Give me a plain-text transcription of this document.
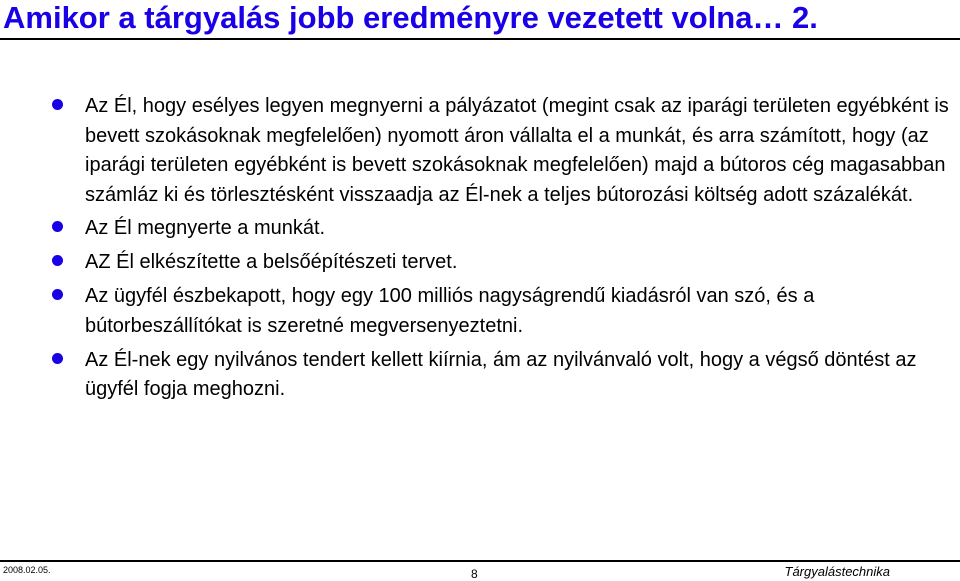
Amikor a tárgyalás jobb eredményre vezetett volna… 2.
Az Él, hogy esélyes legyen megnyerni a pályázatot (megint csak az iparági területen egyébként is bevett szokásoknak megfelelően) nyomott áron vállalta el a munkát, és arra számított, hogy (az iparági területen egyébként is bevett szokásoknak megfelelően) majd a bútoros cég magasabban számláz ki és törlesztésként visszaadja az Él-nek a teljes bútorozási költség adott százalékát.
Az Él megnyerte a munkát.
AZ Él elkészítette a belsőépítészeti tervet.
Az ügyfél észbekapott, hogy egy 100 milliós nagyságrendű kiadásról van szó, és a bútorbeszállítókat is szeretné megversenyeztetni.
Az Él-nek egy nyilvános tendert kellett kiírnia, ám az nyilvánvaló volt, hogy a végső döntést az ügyfél fogja meghozni.
2008.02.05.	8	Tárgyalástechnika
